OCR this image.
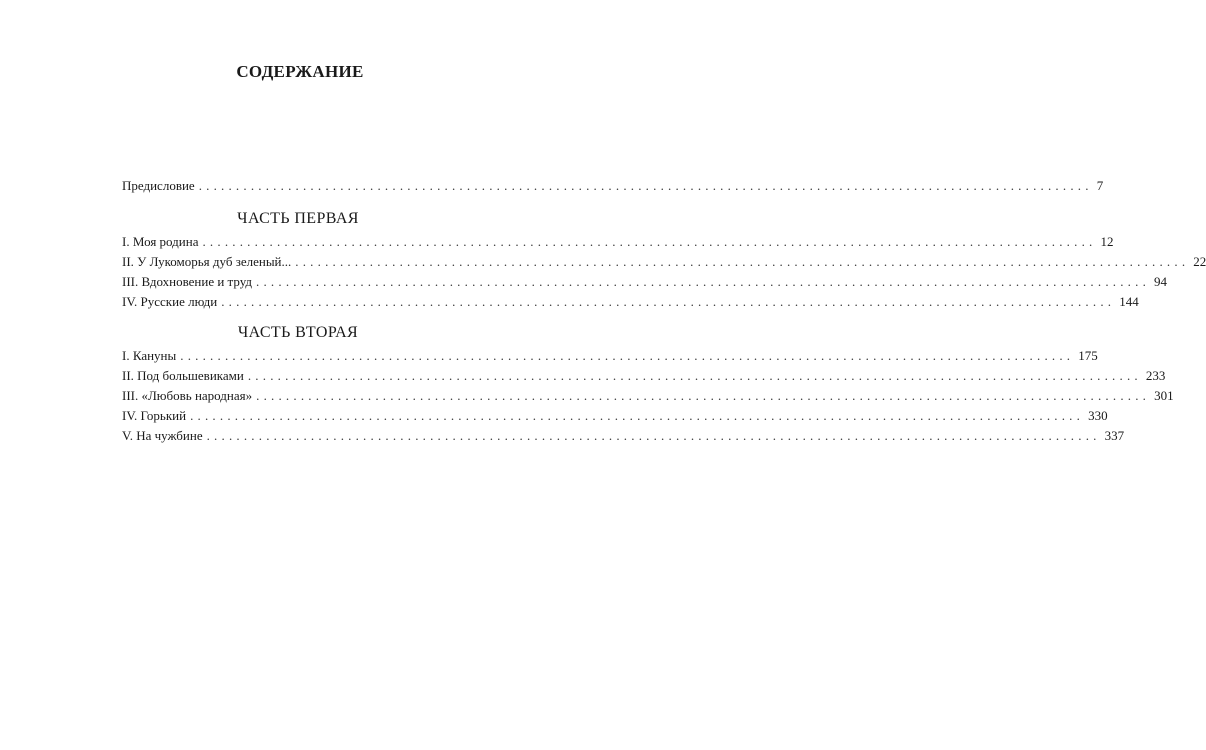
СОДЕРЖАНИЕ
Предисловие ........................................................................................................................ 7
ЧАСТЬ ПЕРВАЯ
I. Моя родина ........................................................................................................................ 12
II. У Лукоморья дуб зеленый... ........................................................................................................................ 22
III. Вдохновение и труд ........................................................................................................................ 94
IV. Русские люди ........................................................................................................................ 144
ЧАСТЬ ВТОРАЯ
I. Кануны ........................................................................................................................ 175
II. Под большевиками ........................................................................................................................ 233
III. «Любовь народная» ........................................................................................................................ 301
IV. Горький ........................................................................................................................ 330
V. На чужбине ........................................................................................................................ 337
